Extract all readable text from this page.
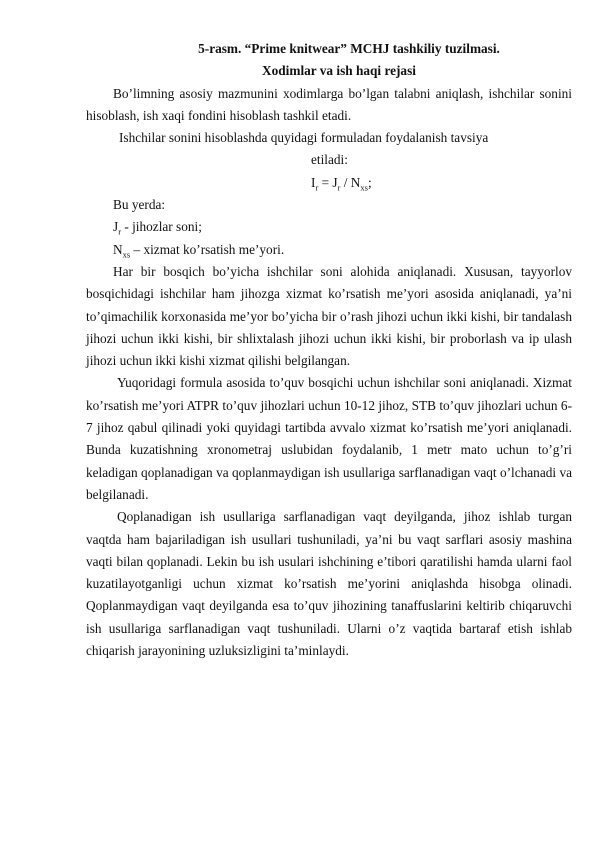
5-rasm. “Prime knitwear” MCHJ tashkiliy tuzilmasi.

Xodimlar va ish haqi rejasi

Bo’limning asosiy mazmunini xodimlarga bo’lgan talabni aniqlash, ishchilar sonini hisoblash, ish xaqi fondini hisoblash tashkil etadi.

Ishchilar sonini hisoblashda quyidagi formuladan foydalanish tavsiya

etiladi:

$I_r = J_r / N_{xs}$;

Bu yerda:

$J_r$ - jihozlar soni;

$N_{xs}$ – xizmat ko’rsatish me’yori.

Har bir bosqich bo’yicha ishchilar soni alohida aniqlanadi. Xususan, tayyorlov bosqichidagi ishchilar ham jihozga xizmat ko’rsatish me’yori asosida aniqlanadi, ya’ni to’qimachilik korxonasida me’yor bo’yicha bir o’rash jihozi uchun ikki kishi, bir tandalash jihozi uchun ikki kishi, bir shlixtalash jihozi uchun ikki kishi, bir proborlash va ip ulash jihozi uchun ikki kishi xizmat qilishi belgilangan.

Yuqoridagi formula asosida to’quv bosqichi uchun ishchilar soni aniqlanadi. Xizmat ko’rsatish me’yori ATPR to’quv jihozlari uchun 10-12 jihoz, STB to’quv jihozlari uchun 6-7 jihoz qabul qilinadi yoki quyidagi tartibda avvalo xizmat ko’rsatish me’yori aniqlanadi. Bunda kuzatishning xronometraj uslubidan foydalanib, 1 metr mato uchun to’g’ri keladigan qoplanadigan va qoplanmaydigan ish usullariga sarflanadigan vaqt o’lchanadi va belgilanadi.

Qoplanadigan ish usullariga sarflanadigan vaqt deyilganda, jihoz ishlab turgan vaqtda ham bajariladigan ish usullari tushuniladi, ya’ni bu vaqt sarflari asosiy mashina vaqti bilan qoplanadi. Lekin bu ish usulari ishchining e’tibori qaratilishi hamda ularni faol kuzatilayotganligi uchun xizmat ko’rsatish me’yorini aniqlashda hisobga olinadi. Qoplanmaydigan vaqt deyilganda esa to’quv jihozining tanaffuslarini keltirib chiqaruvchi ish usullariga sarflanadigan vaqt tushuniladi. Ularni o’z vaqtida bartaraf etish ishlab chiqarish jarayonining uzluksizligini ta’minlaydi.
